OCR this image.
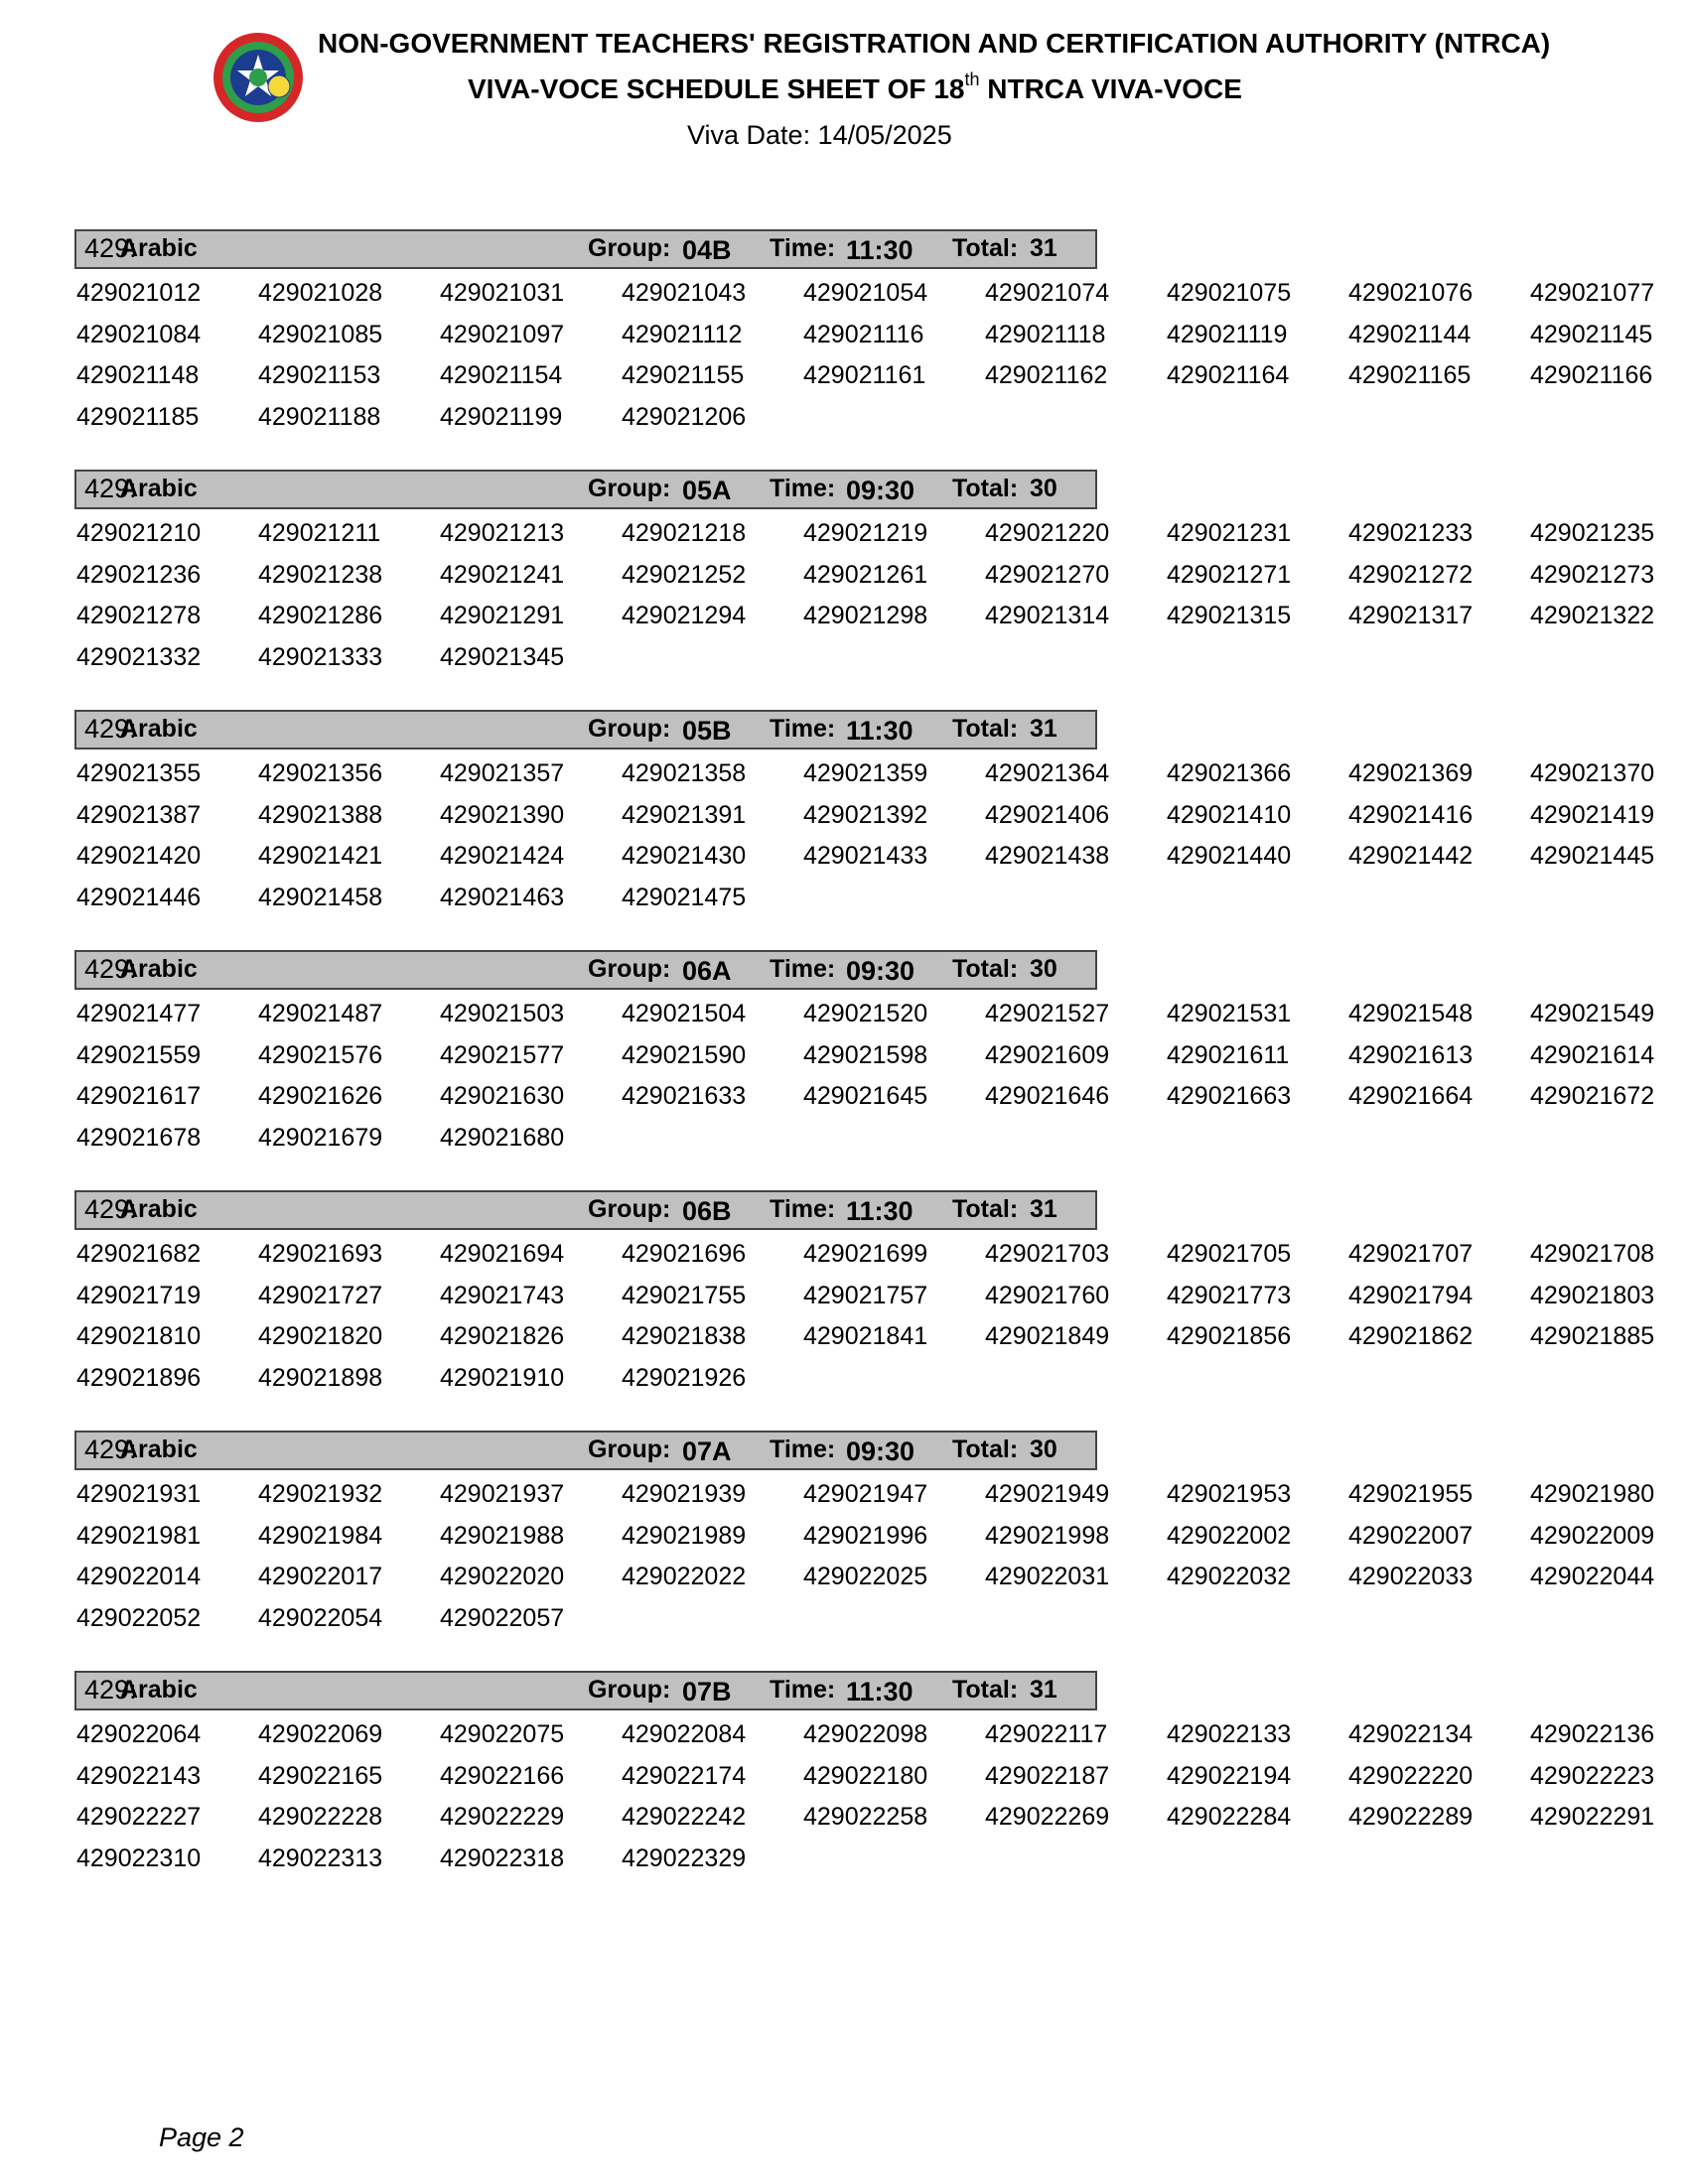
NON-GOVERNMENT TEACHERS' REGISTRATION AND CERTIFICATION AUTHORITY (NTRCA)
VIVA-VOCE SCHEDULE SHEET OF 18th NTRCA VIVA-VOCE
Viva Date: 14/05/2025
429:
Arabic	Group: 04B Time: 11:30 Total: 31
429021012	429021028	429021031	429021043	429021054	429021074	429021075	429021076	429021077
429021084	429021085	429021097	429021112	429021116	429021118	429021119	429021144	429021145
429021148	429021153	429021154	429021155	429021161	429021162	429021164	429021165	429021166
429021185	429021188	429021199	429021206
429:
Arabic	Group: 05A Time: 09:30 Total: 30
429021210	429021211	429021213	429021218	429021219	429021220	429021231	429021233	429021235
429021236	429021238	429021241	429021252	429021261	429021270	429021271	429021272	429021273
429021278	429021286	429021291	429021294	429021298	429021314	429021315	429021317	429021322
429021332	429021333	429021345
429:
Arabic	Group: 05B Time: 11:30 Total: 31
429021355	429021356	429021357	429021358	429021359	429021364	429021366	429021369	429021370
429021387	429021388	429021390	429021391	429021392	429021406	429021410	429021416	429021419
429021420	429021421	429021424	429021430	429021433	429021438	429021440	429021442	429021445
429021446	429021458	429021463	429021475
429:
Arabic	Group: 06A Time: 09:30 Total: 30
429021477	429021487	429021503	429021504	429021520	429021527	429021531	429021548	429021549
429021559	429021576	429021577	429021590	429021598	429021609	429021611	429021613	429021614
429021617	429021626	429021630	429021633	429021645	429021646	429021663	429021664	429021672
429021678	429021679	429021680
429:
Arabic	Group: 06B Time: 11:30 Total: 31
429021682	429021693	429021694	429021696	429021699	429021703	429021705	429021707	429021708
429021719	429021727	429021743	429021755	429021757	429021760	429021773	429021794	429021803
429021810	429021820	429021826	429021838	429021841	429021849	429021856	429021862	429021885
429021896	429021898	429021910	429021926
429:
Arabic	Group: 07A Time: 09:30 Total: 30
429021931	429021932	429021937	429021939	429021947	429021949	429021953	429021955	429021980
429021981	429021984	429021988	429021989	429021996	429021998	429022002	429022007	429022009
429022014	429022017	429022020	429022022	429022025	429022031	429022032	429022033	429022044
429022052	429022054	429022057
429:
Arabic	Group: 07B Time: 11:30 Total: 31
429022064	429022069	429022075	429022084	429022098	429022117	429022133	429022134	429022136
429022143	429022165	429022166	429022174	429022180	429022187	429022194	429022220	429022223
429022227	429022228	429022229	429022242	429022258	429022269	429022284	429022289	429022291
429022310	429022313	429022318	429022329
Page 2
